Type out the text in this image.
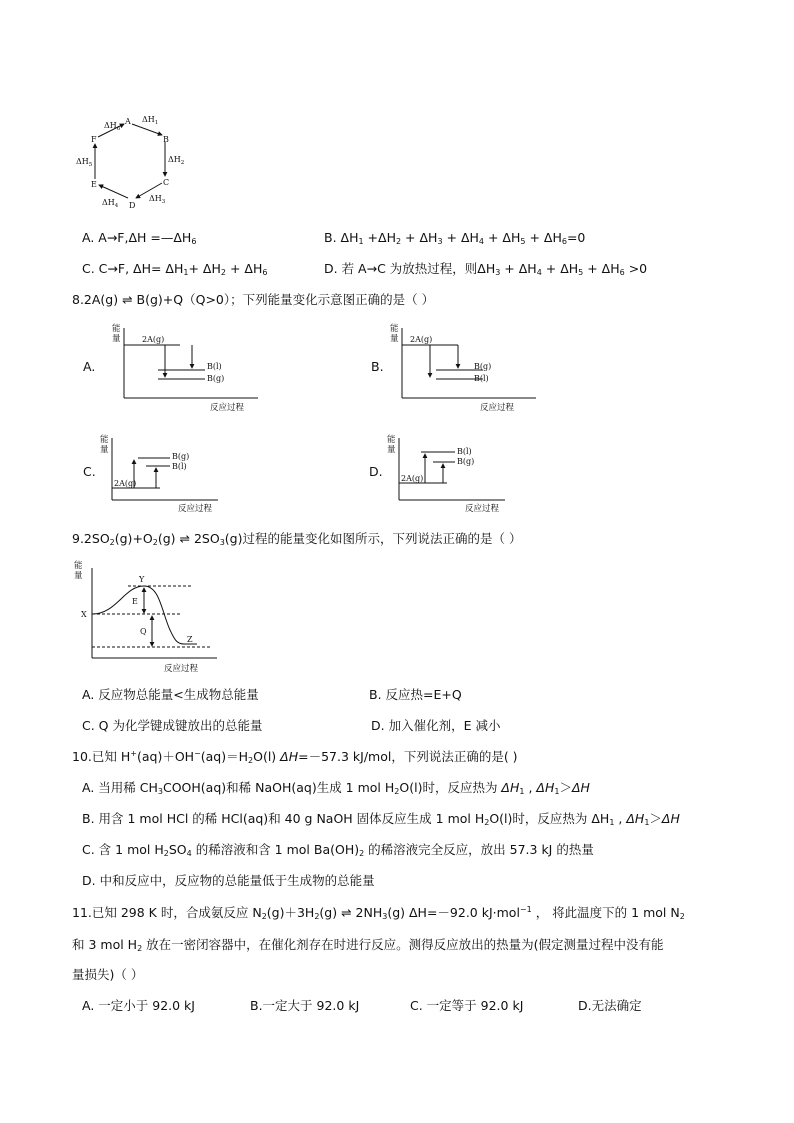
A
B
C
D
E
F
$\Delta H_1$
$\Delta H_2$
$\Delta H_3$
$\Delta H_4$
$\Delta H_5$
$\Delta H_6$
A. $A\to F,\Delta H =—\Delta H_6$	B. $\Delta H_1 +\Delta H_2 + \Delta H_3 + \Delta H_4 + \Delta H_5 + \Delta H_6=0$
C. C→F, $\Delta H= \Delta H_1+ \Delta H_2 + \Delta H_6$	D. 若 A→C 为放热过程，则$\Delta H_3 + \Delta H_4 + \Delta H_5 + \Delta H_6 >0$
8.2A(g) ⇌ B(g)+Q（Q>0）；下列能量变化示意图正确的是（ ）
A.
能
量	2A(g)
B(l)
B(g)
反应过程
B.
能
量 2A(g)
B(g)
B(l)
反应过程
C.
能
量
2A(g)
B(g)
B(l)
反应过程
D.
能
量
2A(g)
B(l)
B(g)
反应过程
$9.2SO_2(g)+O_2(g)$ ⇌ $2SO_3(g)$过程的能量变化如图所示，下列说法正确的是（ ）
能
量
X
Y
Z
E
Q
反应过程
A. 反应物总能量<生成物总能量	B. 反应热=E+Q
C. Q 为化学键成键放出的总能量	D. 加入催化剂，E 减小
10.已知 $H^+(aq)+OH^-(aq)=H_2O(l)$ ΔH=－57.3 kJ/mol，下列说法正确的是( )
A. 当用稀 $CH_3COOH(aq)$和稀 NaOH(aq)生成 1 mol $H_2O(l)$时，反应热为 $\Delta H_1$ , $\Delta H_1>\Delta H$
B. 用含 1 mol HCl 的稀 HCl(aq)和 40 g NaOH 固体反应生成 1 mol $H_2O(l)$时，反应热为 $\Delta H_1$ , $\Delta H_1>\Delta H$
C. 含 1 mol $H_2SO_4$ 的稀溶液和含 1 mol $Ba(OH)_2$ 的稀溶液完全反应，放出 57.3 kJ 的热量
D. 中和反应中，反应物的总能量低于生成物的总能量
11.已知 298 K 时，合成氨反应 $N_2(g)+3H_2(g)$ ⇌ $2NH_3(g)$ ΔH=－92.0 kJ·mol$^{-1}$ ， 将此温度下的 1 mol $N_2$
和 3 mol $H_2$ 放在一密闭容器中，在催化剂存在时进行反应。测得反应放出的热量为(假定测量过程中没有能
量损失)（ ）
A. 一定小于 92.0 kJ	B.一定大于 92.0 kJ	C. 一定等于 92.0 kJ	D.无法确定
